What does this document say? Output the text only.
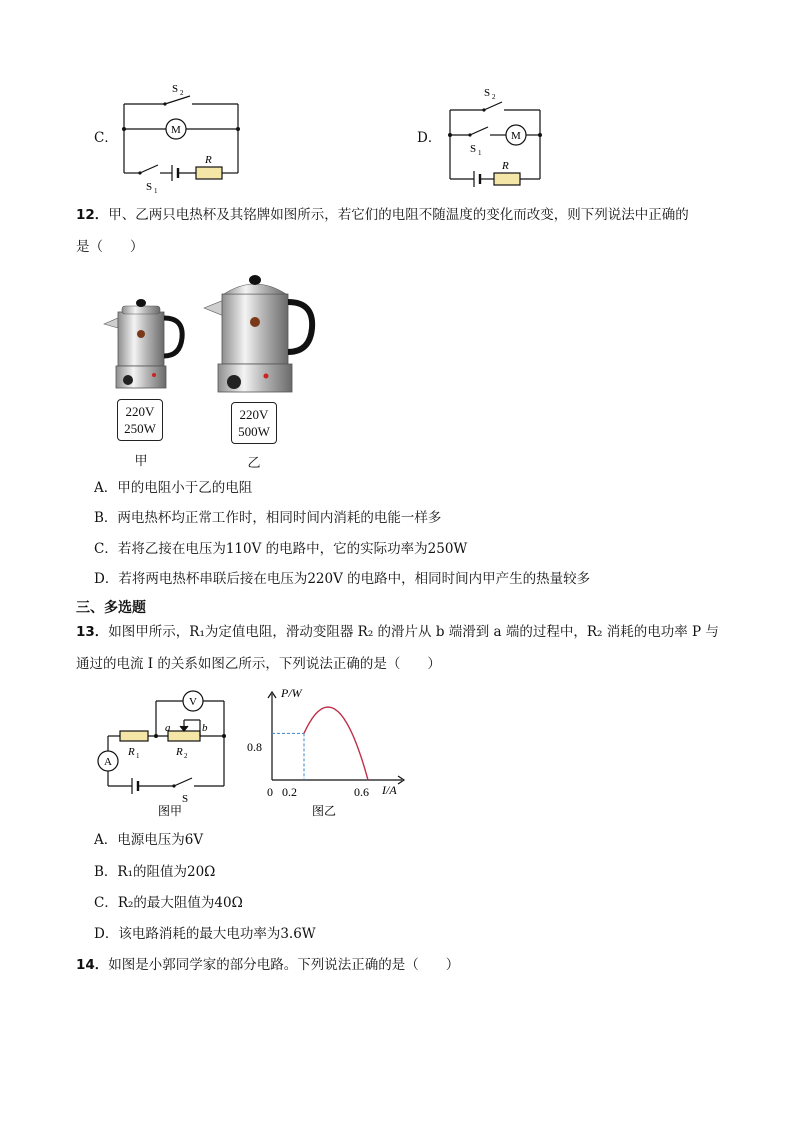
C．
S 2
M
S 1
R
D．
S 2
S 1
M
R
12．甲、乙两只电热杯及其铭牌如图所示，若它们的电阻不随温度的变化而改变，则下列说法中正确的
是（　　）
220V
250W
220V
500W
甲	乙
A．甲的电阻小于乙的电阻
B．两电热杯均正常工作时，相同时间内消耗的电能一样多
C．若将乙接在电压为110V 的电路中，它的实际功率为250W
D．若将两电热杯串联后接在电压为220V 的电路中，相同时间内甲产生的热量较多
三、多选题
13．如图甲所示，R₁为定值电阻，滑动变阻器 R₂ 的滑片从 b 端滑到 a 端的过程中，R₂ 消耗的电功率 P 与
通过的电流 I 的关系如图乙所示，下列说法正确的是（　　）
V
A
R 1	R 2
a	b
S
图甲
P/W
I/A
0 0.2	0.6
0.8
图乙
A．电源电压为6V
B．R₁的阻值为20Ω
C．R₂的最大阻值为40Ω
D．该电路消耗的最大电功率为3.6W
14．如图是小郭同学家的部分电路。下列说法正确的是（　　）
